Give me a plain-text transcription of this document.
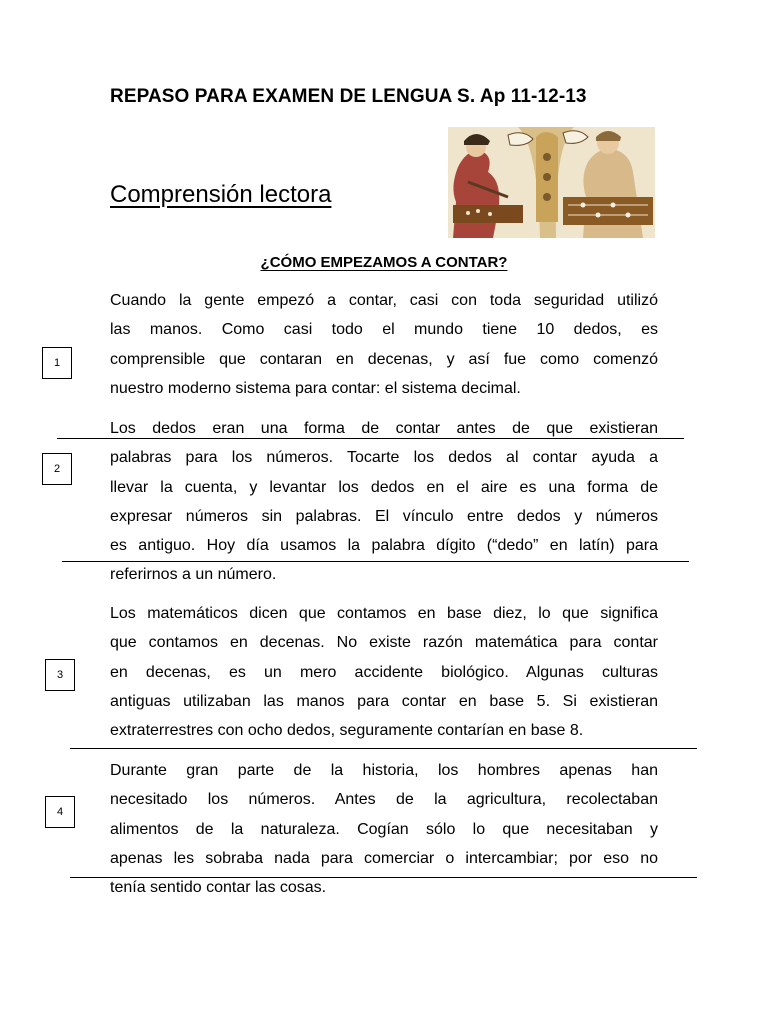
REPASO PARA EXAMEN DE LENGUA S. Ap 11-12-13
Comprensión lectora
¿CÓMO EMPEZAMOS A CONTAR?
Cuando la gente empezó a contar, casi con toda seguridad utilizó
las manos. Como casi todo el mundo tiene 10 dedos, es
comprensible que contaran en decenas, y así fue como comenzó
nuestro moderno sistema para contar: el sistema decimal.
1
Los dedos eran una forma de contar antes de que existieran
palabras para los números. Tocarte los dedos al contar ayuda a
llevar la cuenta, y levantar los dedos en el aire es una forma de
expresar números sin palabras. El vínculo entre dedos y números
es antiguo. Hoy día usamos la palabra dígito (“dedo” en latín) para
referirnos a un número.
2
Los matemáticos dicen que contamos en base diez, lo que significa
que contamos en decenas. No existe razón matemática para contar
en decenas, es un mero accidente biológico. Algunas culturas
antiguas utilizaban las manos para contar en base 5. Si existieran
extraterrestres con ocho dedos, seguramente contarían en base 8.
3
Durante gran parte de la historia, los hombres apenas han
necesitado los números. Antes de la agricultura, recolectaban
alimentos de la naturaleza. Cogían sólo lo que necesitaban y
apenas les sobraba nada para comerciar o intercambiar; por eso no
tenía sentido contar las cosas.
4
